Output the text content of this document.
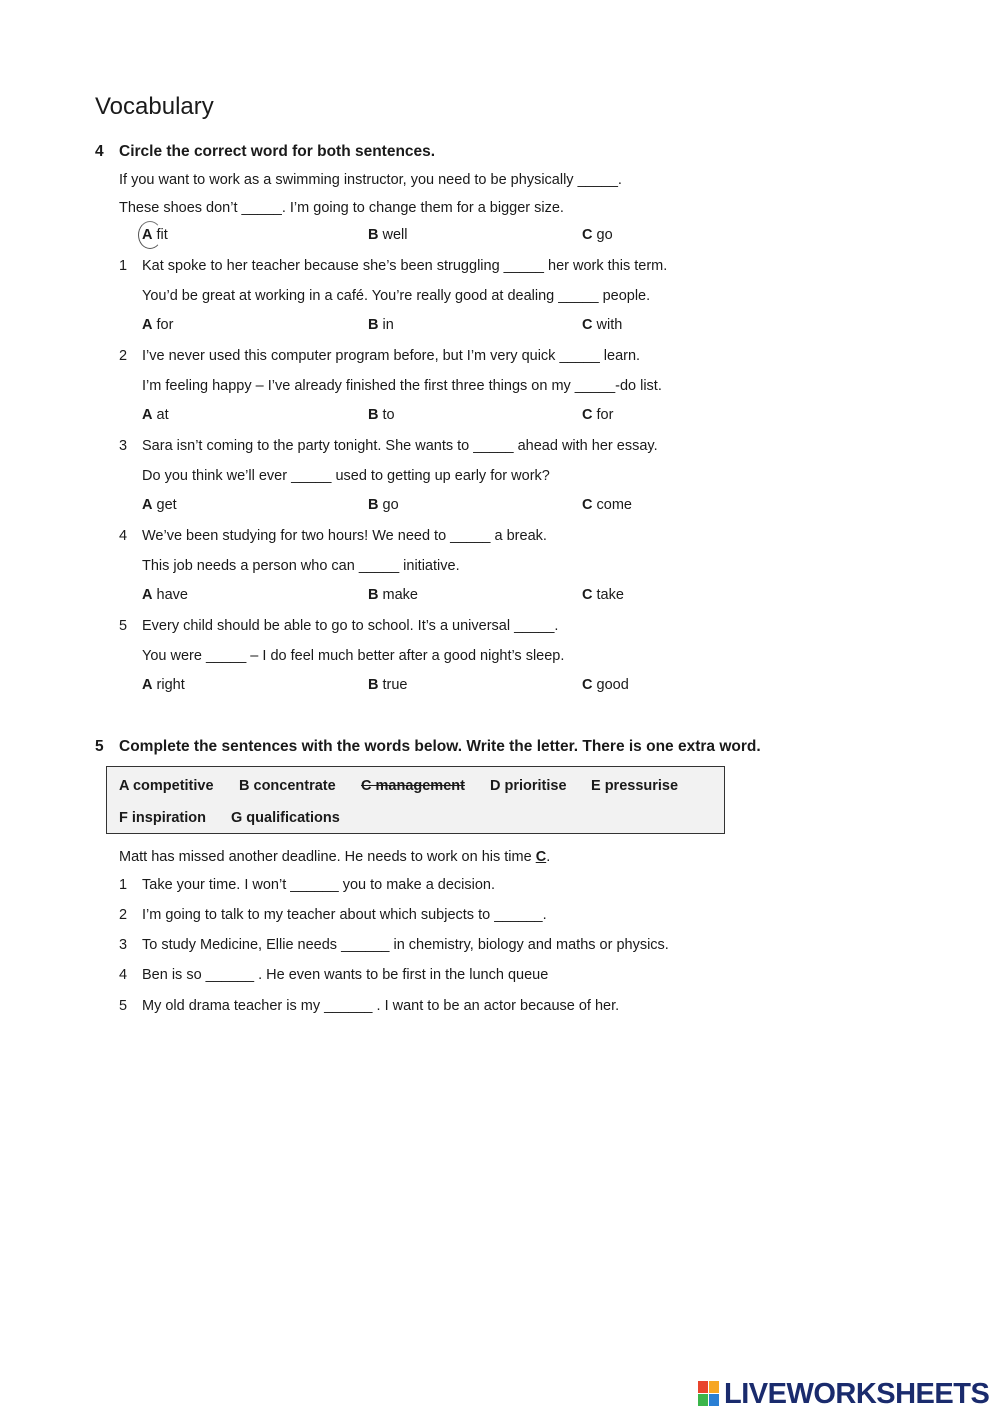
Vocabulary
4 Circle the correct word for both sentences.
If you want to work as a swimming instructor, you need to be physically _____.
These shoes don’t _____. I’m going to change them for a bigger size.
A fit	B well	C go
1 Kat spoke to her teacher because she’s been struggling _____ her work this term.
You’d be great at working in a café. You’re really good at dealing _____ people.
A for	B in	C with
2 I’ve never used this computer program before, but I’m very quick _____ learn.
I’m feeling happy – I’ve already finished the first three things on my _____-do list.
A at	B to	C for
3 Sara isn’t coming to the party tonight. She wants to _____ ahead with her essay.
Do you think we’ll ever _____ used to getting up early for work?
A get	B go	C come
4 We’ve been studying for two hours! We need to _____ a break.
This job needs a person who can _____ initiative.
A have	B make	C take
5 Every child should be able to go to school. It’s a universal _____.
You were _____ – I do feel much better after a good night’s sleep.
A right	B true	C good
5 Complete the sentences with the words below. Write the letter. There is one extra word.
A competitive B concentrate C management D prioritise E pressurise
F inspiration G qualifications
Matt has missed another deadline. He needs to work on his time C.
1 Take your time. I won’t ______ you to make a decision.
2 I’m going to talk to my teacher about which subjects to ______.
3 To study Medicine, Ellie needs ______ in chemistry, biology and maths or physics.
4 Ben is so ______ . He even wants to be first in the lunch queue
5 My old drama teacher is my ______ . I want to be an actor because of her.
LIVEWORKSHEETS
